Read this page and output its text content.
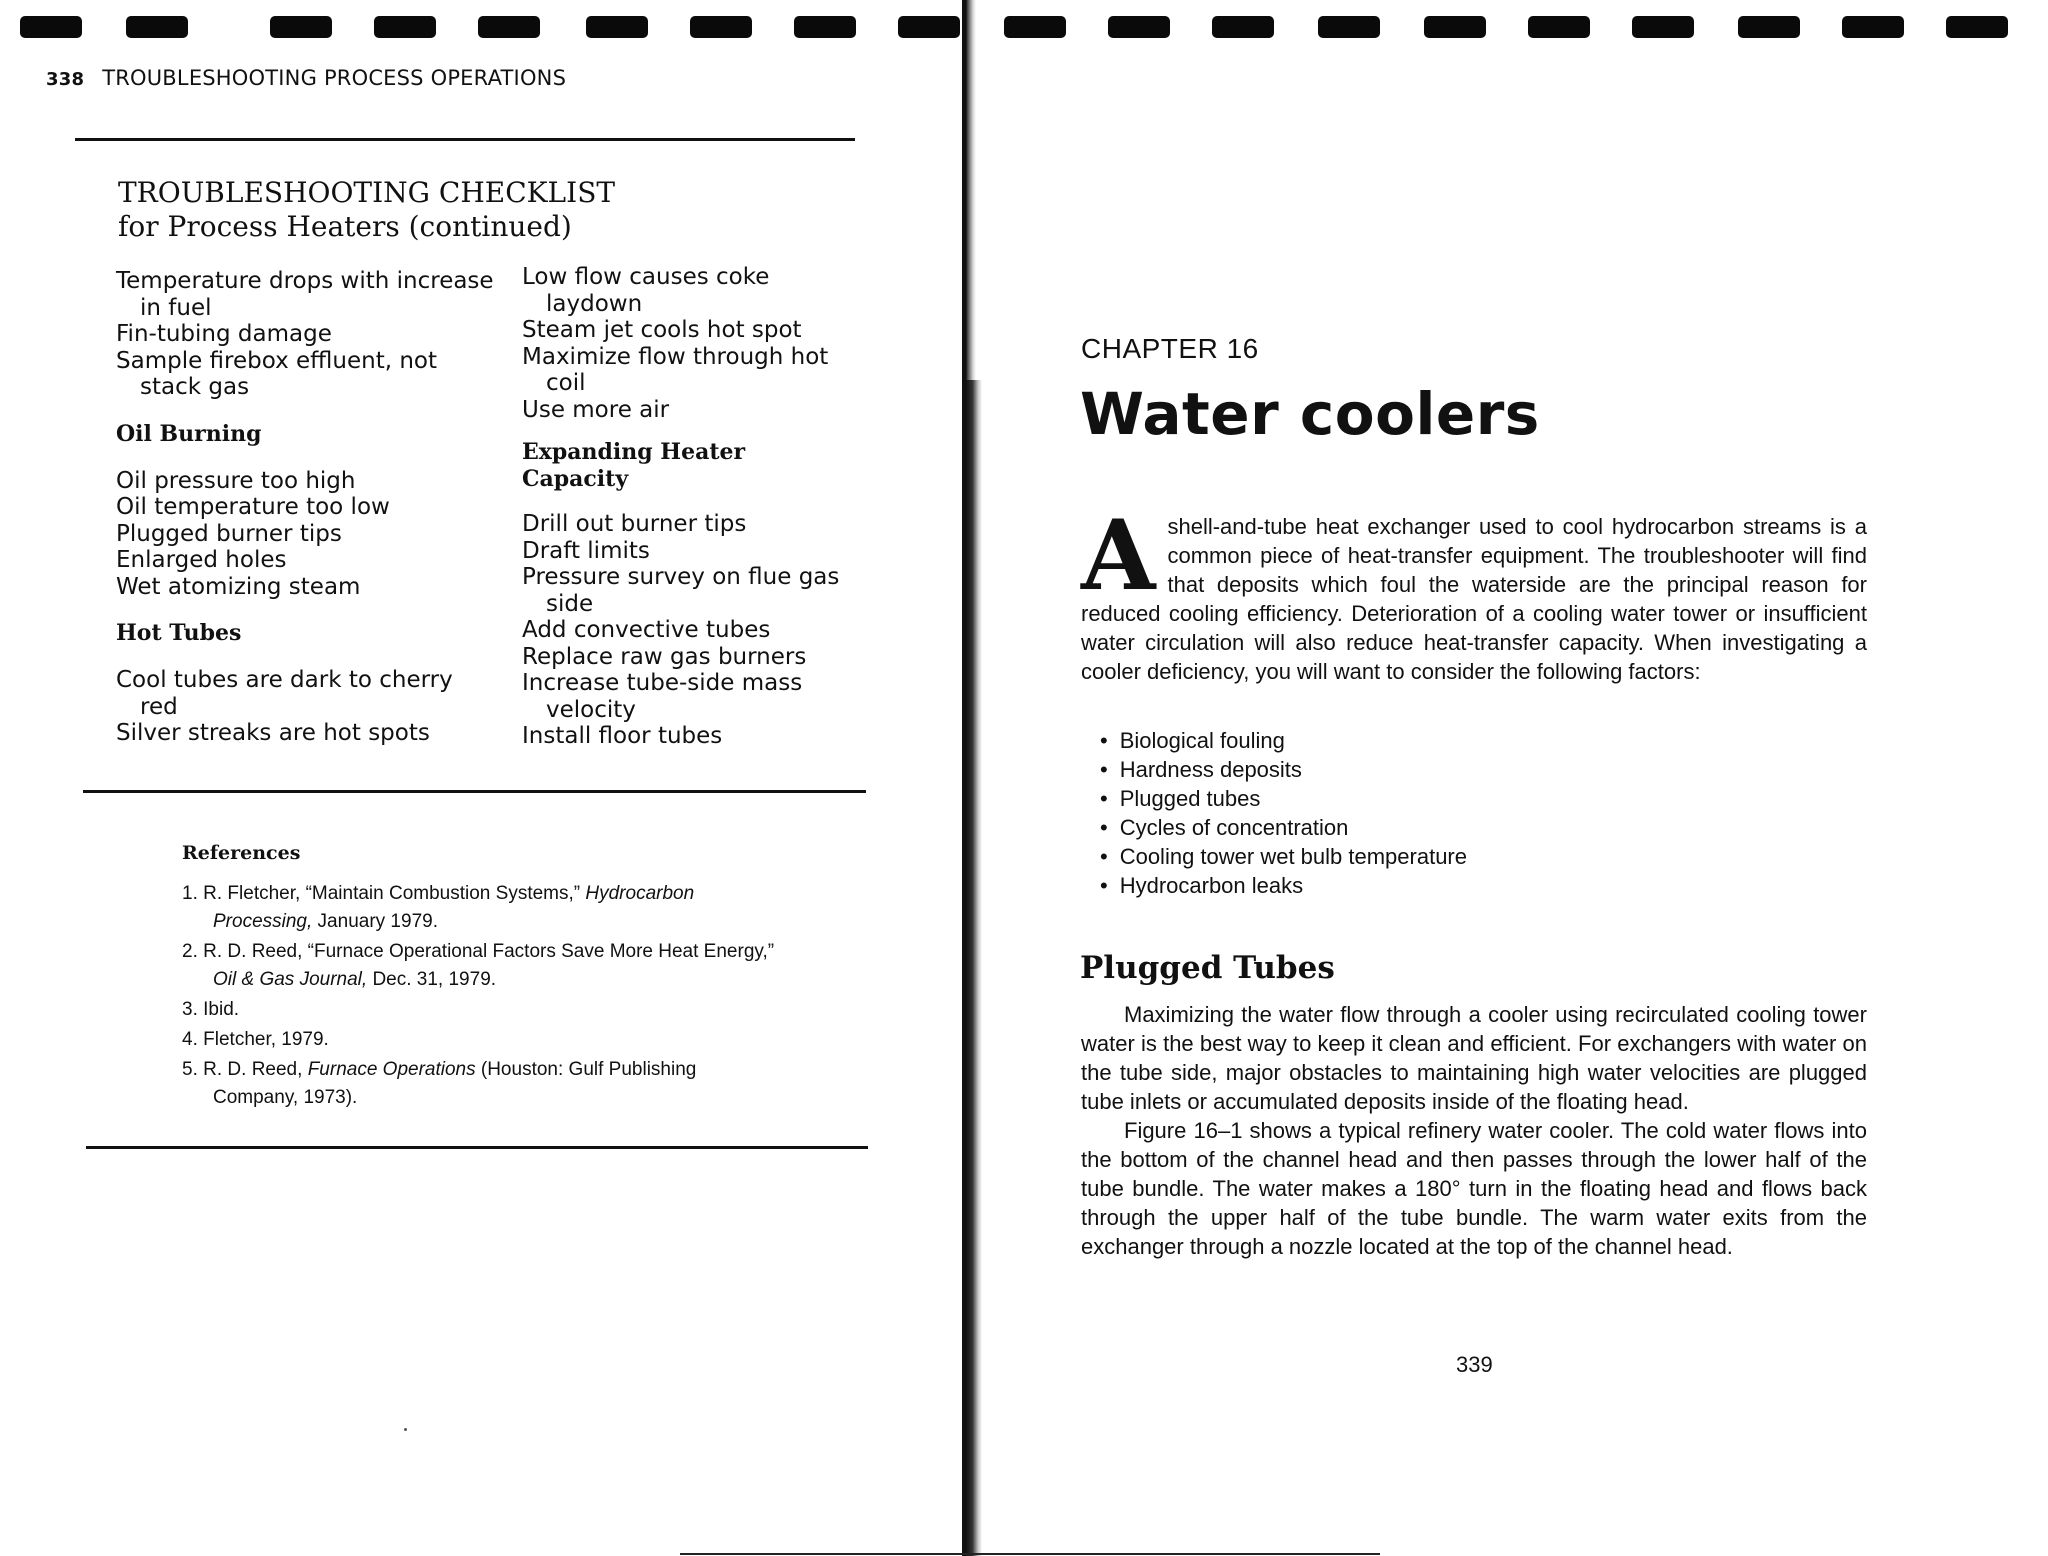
338 TROUBLESHOOTING PROCESS OPERATIONS
TROUBLESHOOTING CHECKLIST
for Process Heaters (continued)
Temperature drops with increase in fuel
Fin-tubing damage
Sample firebox effluent, not stack gas
Oil Burning
Oil pressure too high
Oil temperature too low
Plugged burner tips
Enlarged holes
Wet atomizing steam
Hot Tubes
Cool tubes are dark to cherry red
Silver streaks are hot spots
Low flow causes coke laydown
Steam jet cools hot spot
Maximize flow through hot coil
Use more air
Expanding Heater Capacity
Drill out burner tips
Draft limits
Pressure survey on flue gas side
Add convective tubes
Replace raw gas burners
Increase tube-side mass velocity
Install floor tubes
References
1. R. Fletcher, “Maintain Combustion Systems,” Hydrocarbon Processing, January 1979.
2. R. D. Reed, “Furnace Operational Factors Save More Heat Energy,” Oil & Gas Journal, Dec. 31, 1979.
3. Ibid.
4. Fletcher, 1979.
5. R. D. Reed, Furnace Operations (Houston: Gulf Publishing Company, 1973).
CHAPTER 16
Water coolers
Ashell-and-tube heat exchanger used to cool hydrocarbon streams is a common piece of heat-transfer equipment. The troubleshooter will find that deposits which foul the waterside are the principal reason for reduced cooling efficiency. Deterioration of a cooling water tower or insufficient water circulation will also reduce heat-transfer capacity. When investigating a cooler deficiency, you will want to consider the following factors:
• Biological fouling
• Hardness deposits
• Plugged tubes
• Cycles of concentration
• Cooling tower wet bulb temperature
• Hydrocarbon leaks
Plugged Tubes
Maximizing the water flow through a cooler using recirculated cooling tower water is the best way to keep it clean and efficient. For exchangers with water on the tube side, major obstacles to maintaining high water velocities are plugged tube inlets or accumulated deposits inside of the floating head.
Figure 16–1 shows a typical refinery water cooler. The cold water flows into the bottom of the channel head and then passes through the lower half of the tube bundle. The water makes a 180° turn in the floating head and flows back through the upper half of the tube bundle. The warm water exits from the exchanger through a nozzle located at the top of the channel head.
339
